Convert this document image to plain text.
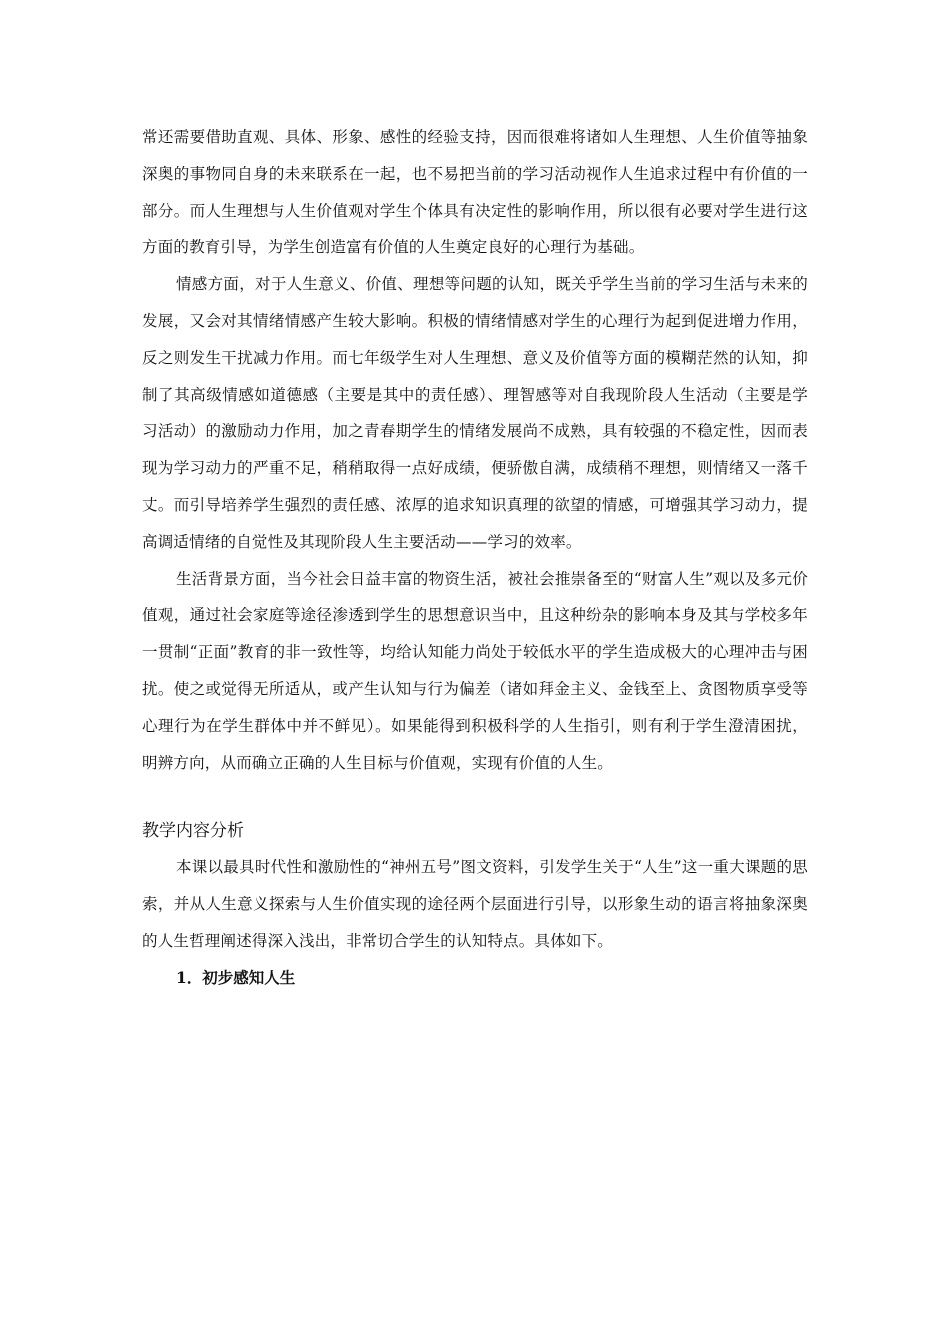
常还需要借助直观、具体、形象、感性的经验支持，因而很难将诸如人生理想、人生价值等抽象深奥的事物同自身的未来联系在一起，也不易把当前的学习活动视作人生追求过程中有价值的一部分。而人生理想与人生价值观对学生个体具有决定性的影响作用，所以很有必要对学生进行这方面的教育引导，为学生创造富有价值的人生奠定良好的心理行为基础。

情感方面，对于人生意义、价值、理想等问题的认知，既关乎学生当前的学习生活与未来的发展，又会对其情绪情感产生较大影响。积极的情绪情感对学生的心理行为起到促进增力作用，反之则发生干扰减力作用。而七年级学生对人生理想、意义及价值等方面的模糊茫然的认知，抑制了其高级情感如道德感（主要是其中的责任感）、理智感等对自我现阶段人生活动（主要是学习活动）的激励动力作用，加之青春期学生的情绪发展尚不成熟，具有较强的不稳定性，因而表现为学习动力的严重不足，稍稍取得一点好成绩，便骄傲自满，成绩稍不理想，则情绪又一落千丈。而引导培养学生强烈的责任感、浓厚的追求知识真理的欲望的情感，可增强其学习动力，提高调适情绪的自觉性及其现阶段人生主要活动——学习的效率。

生活背景方面，当今社会日益丰富的物资生活，被社会推崇备至的“财富人生”观以及多元价值观，通过社会家庭等途径渗透到学生的思想意识当中，且这种纷杂的影响本身及其与学校多年一贯制“正面”教育的非一致性等，均给认知能力尚处于较低水平的学生造成极大的心理冲击与困扰。使之或觉得无所适从，或产生认知与行为偏差（诸如拜金主义、金钱至上、贪图物质享受等心理行为在学生群体中并不鲜见）。如果能得到积极科学的人生指引，则有利于学生澄清困扰，明辨方向，从而确立正确的人生目标与价值观，实现有价值的人生。

教学内容分析

本课以最具时代性和激励性的“神州五号”图文资料，引发学生关于“人生”这一重大课题的思索，并从人生意义探索与人生价值实现的途径两个层面进行引导，以形象生动的语言将抽象深奥的人生哲理阐述得深入浅出，非常切合学生的认知特点。具体如下。

1．初步感知人生
